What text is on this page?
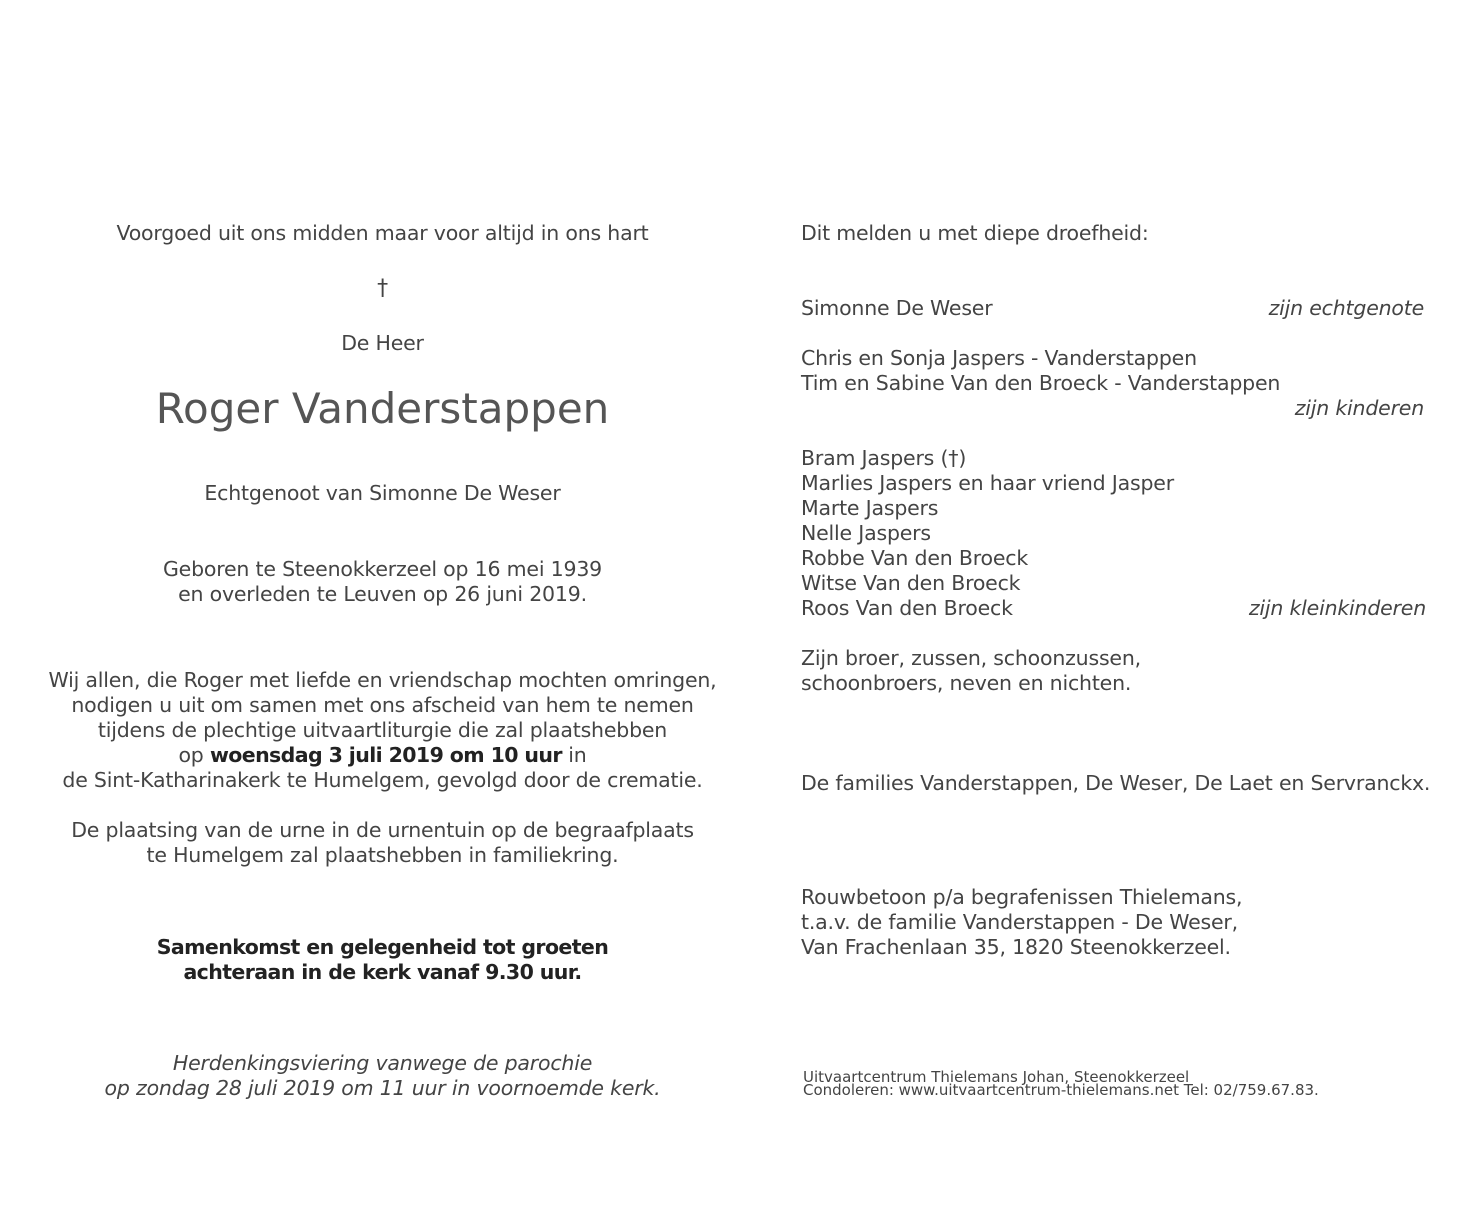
Voorgoed uit ons midden maar voor altijd in ons hart
†
De Heer
Roger Vanderstappen
Echtgenoot van Simonne De Weser
Geboren te Steenokkerzeel op 16 mei 1939
en overleden te Leuven op 26 juni 2019.
Wij allen, die Roger met liefde en vriendschap mochten omringen,
nodigen u uit om samen met ons afscheid van hem te nemen
tijdens de plechtige uitvaartliturgie die zal plaatshebben
op woensdag 3 juli 2019 om 10 uur in
de Sint-Katharinakerk te Humelgem, gevolgd door de crematie.
De plaatsing van de urne in de urnentuin op de begraafplaats
te Humelgem zal plaatshebben in familiekring.
Samenkomst en gelegenheid tot groeten
achteraan in de kerk vanaf 9.30 uur.
Herdenkingsviering vanwege de parochie
op zondag 28 juli 2019 om 11 uur in voornoemde kerk.
Dit melden u met diepe droefheid:
Simonne De Weser	zijn echtgenote
Chris en Sonja Jaspers - Vanderstappen
Tim en Sabine Van den Broeck - Vanderstappen
zijn kinderen
Bram Jaspers (†)
Marlies Jaspers en haar vriend Jasper
Marte Jaspers
Nelle Jaspers
Robbe Van den Broeck
Witse Van den Broeck
Roos Van den Broeck	zijn kleinkinderen
Zijn broer, zussen, schoonzussen,
schoonbroers, neven en nichten.
De families Vanderstappen, De Weser, De Laet en Servranckx.
Rouwbetoon p/a begrafenissen Thielemans,
t.a.v. de familie Vanderstappen - De Weser,
Van Frachenlaan 35, 1820 Steenokkerzeel.
Uitvaartcentrum Thielemans Johan, Steenokkerzeel
Condoleren: www.uitvaartcentrum-thielemans.net Tel: 02/759.67.83.
